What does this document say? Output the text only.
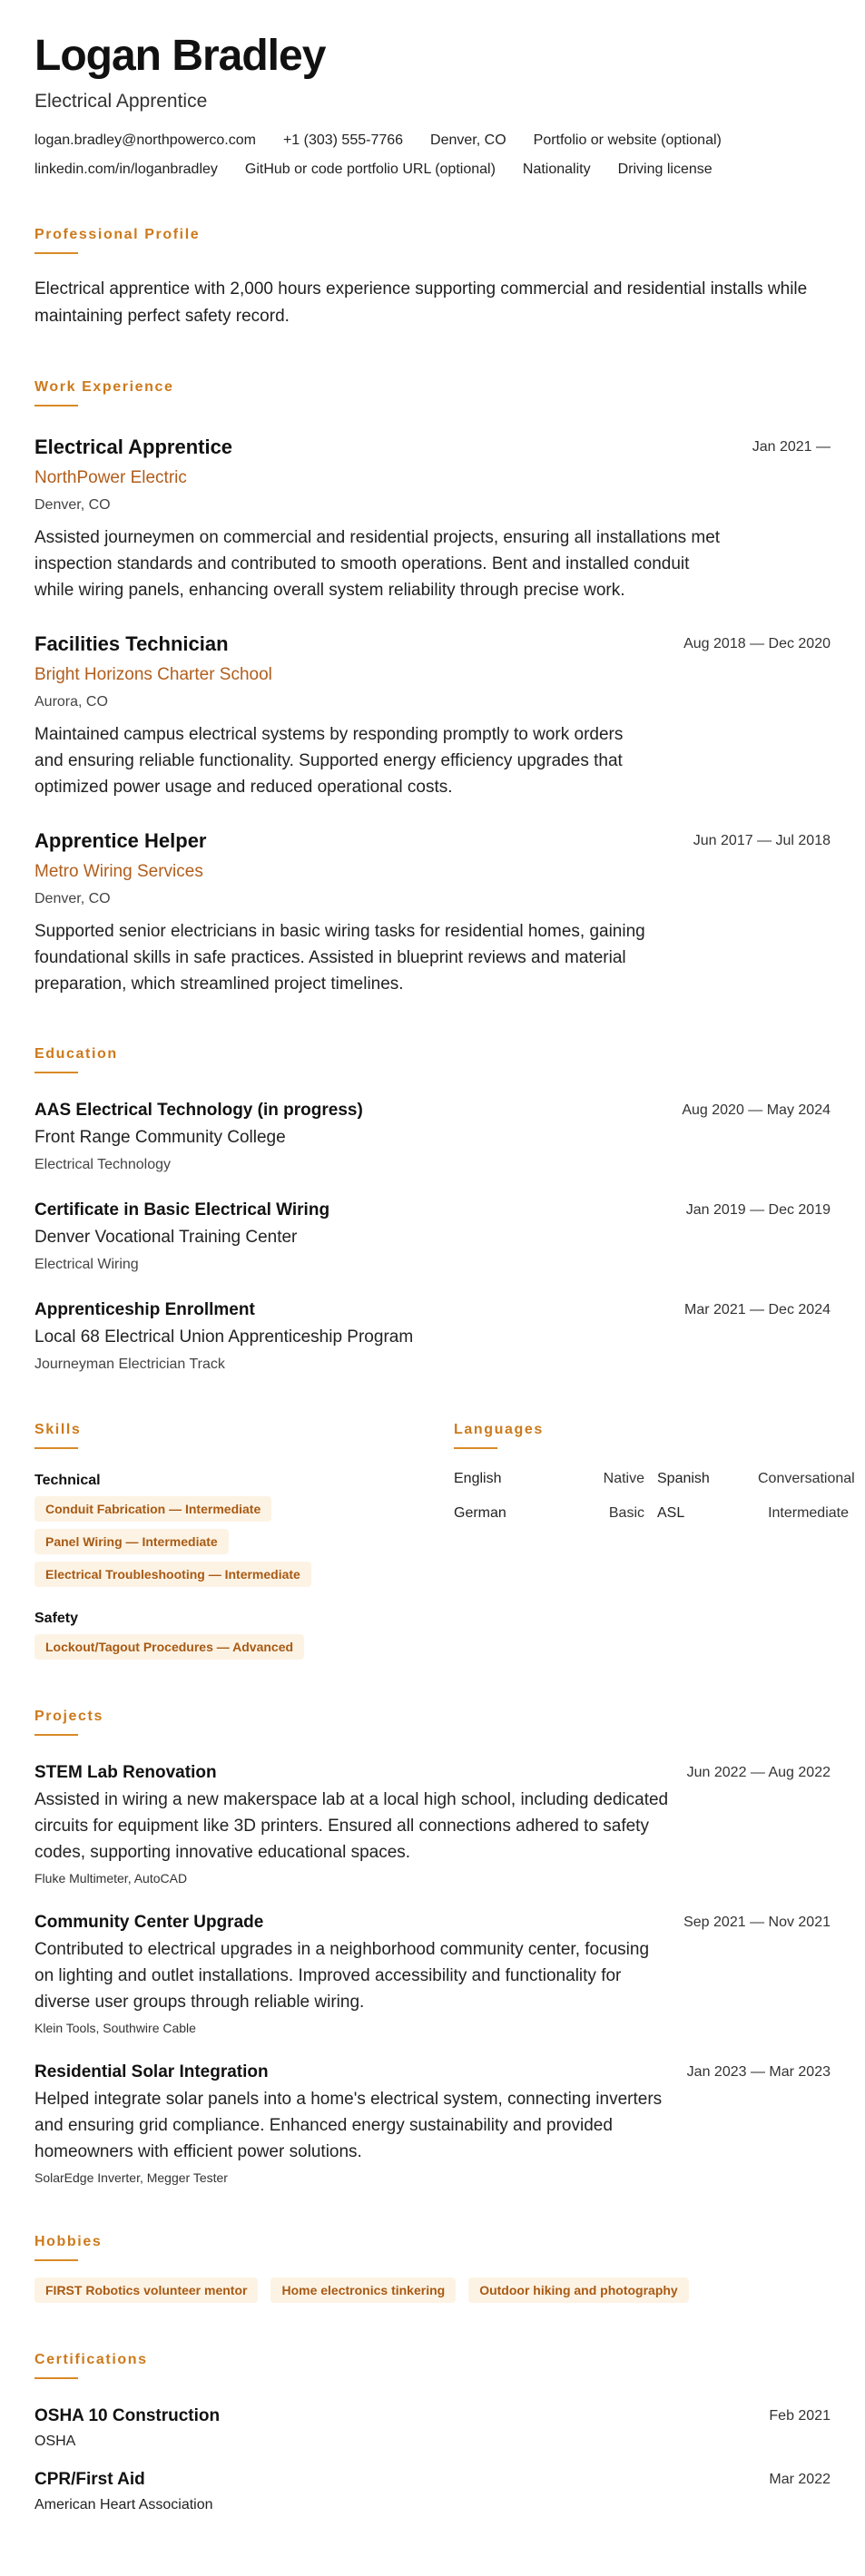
Logan Bradley
Electrical Apprentice
logan.bradley@northpowerco.com +1 (303) 555-7766 Denver, CO Portfolio or website (optional)
linkedin.com/in/loganbradley GitHub or code portfolio URL (optional) Nationality Driving license
Professional Profile
Electrical apprentice with 2,000 hours experience supporting commercial and residential installs while maintaining perfect safety record.
Work Experience
Electrical Apprentice
NorthPower Electric
Denver, CO
Assisted journeymen on commercial and residential projects, ensuring all installations met inspection standards and contributed to smooth operations. Bent and installed conduit while wiring panels, enhancing overall system reliability through precise work.
Jan 2021 —
Facilities Technician
Bright Horizons Charter School
Aurora, CO
Maintained campus electrical systems by responding promptly to work orders and ensuring reliable functionality. Supported energy efficiency upgrades that optimized power usage and reduced operational costs.
Aug 2018 — Dec 2020
Apprentice Helper
Metro Wiring Services
Denver, CO
Supported senior electricians in basic wiring tasks for residential homes, gaining foundational skills in safe practices. Assisted in blueprint reviews and material preparation, which streamlined project timelines.
Jun 2017 — Jul 2018
Education
AAS Electrical Technology (in progress)
Front Range Community College
Electrical Technology
Aug 2020 — May 2024
Certificate in Basic Electrical Wiring
Denver Vocational Training Center
Electrical Wiring
Jan 2019 — Dec 2019
Apprenticeship Enrollment
Local 68 Electrical Union Apprenticeship Program
Journeyman Electrician Track
Mar 2021 — Dec 2024
Skills
Technical
Conduit Fabrication — Intermediate
Panel Wiring — Intermediate
Electrical Troubleshooting — Intermediate
Safety
Lockout/Tagout Procedures — Advanced
Languages
English	Native Spanish	Conversational
German	Basic ASL	Intermediate
Projects
STEM Lab Renovation
Assisted in wiring a new makerspace lab at a local high school, including dedicated circuits for equipment like 3D printers. Ensured all connections adhered to safety codes, supporting innovative educational spaces.
Fluke Multimeter, AutoCAD
Jun 2022 — Aug 2022
Community Center Upgrade
Contributed to electrical upgrades in a neighborhood community center, focusing on lighting and outlet installations. Improved accessibility and functionality for diverse user groups through reliable wiring.
Klein Tools, Southwire Cable
Sep 2021 — Nov 2021
Residential Solar Integration
Helped integrate solar panels into a home's electrical system, connecting inverters and ensuring grid compliance. Enhanced energy sustainability and provided homeowners with efficient power solutions.
SolarEdge Inverter, Megger Tester
Jan 2023 — Mar 2023
Hobbies
FIRST Robotics volunteer mentor	Home electronics tinkering	Outdoor hiking and photography
Certifications
OSHA 10 Construction
OSHA
Feb 2021
CPR/First Aid
American Heart Association
Mar 2022
